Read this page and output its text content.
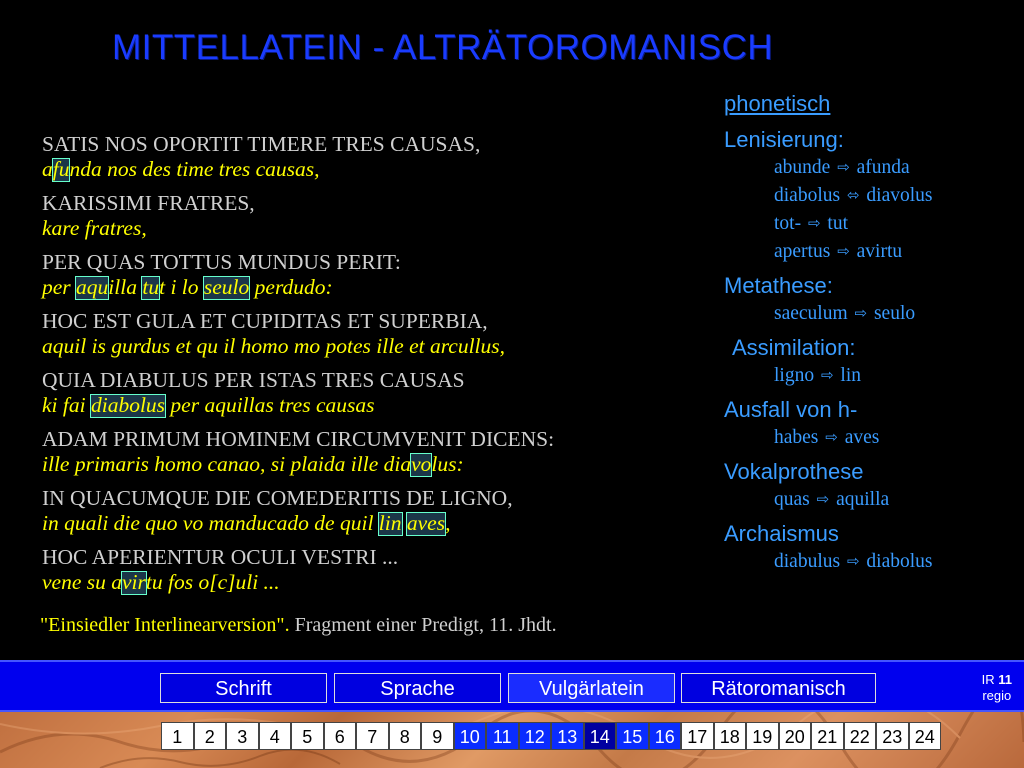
MITTELLATEIN - ALTRÄTOROMANISCH
SATIS NOS OPORTIT TIMERE TRES CAUSAS,
a
funda nos des time tres causas,
KARISSIMI FRATRES,
kare fratres,
PER QUAS TOTTUS MUNDUS PERIT:
per
aquilla
tut i lo
seulo perdudo:
HOC EST GULA ET CUPIDITAS ET SUPERBIA,
aquil is gurdus et qu il homo mo potes ille et arcullus,
QUIA DIABULUS PER ISTAS TRES CAUSAS
ki fai
diabolus per aquillas tres causas
ADAM PRIMUM HOMINEM CIRCUMVENIT DICENS:
ille primaris homo canao, si plaida ille dia
volus:
IN QUACUMQUE DIE COMEDERITIS DE LIGNO,
in quali die quo vo manducado de quil
lin aves,
HOC APERIENTUR OCULI VESTRI ...
vene su a
virtu fos o[c]uli ...
"Einsiedler Interlinearversion". Fragment einer Predigt, 11. Jhdt.
phonetisch
Lenisierung:
abunde ⇨ afunda
diabolus ⬄ diavolus
tot- ⇨ tut
apertus ⇨ avirtu
Metathese:
saeculum ⇨ seulo
Assimilation:
ligno ⇨ lin
Ausfall von h-
habes ⇨ aves
Vokalprothese
quas ⇨ aquilla
Archaismus
diabulus ⇨ diabolus
Schrift	Sprache	Vulgärlatein	Rätoromanisch	IR 11
regio
1	2	3	4	5	6	7	8	9 10 11 12 13 14 15 16 17 18 19 20 21 22 23 24
